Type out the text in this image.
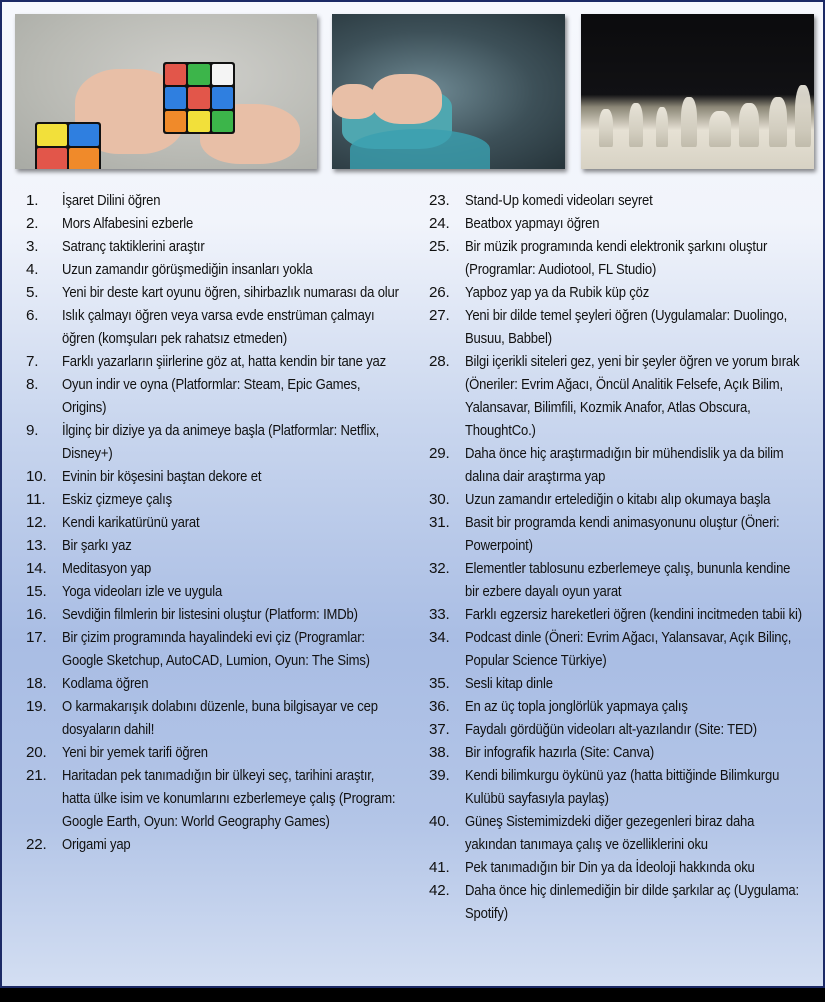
1.	İşaret Dilini öğren
2.	Mors Alfabesini ezberle
3.	Satranç taktiklerini araştır
4.	Uzun zamandır görüşmediğin insanları yokla
5.	Yeni bir deste kart oyunu öğren, sihirbazlık numarası da olur
6.	Islık çalmayı öğren veya varsa evde enstrüman çalmayı öğren (komşuları pek rahatsız etmeden)
7.	Farklı yazarların şiirlerine göz at, hatta kendin bir tane yaz
8.	Oyun indir ve oyna (Platformlar: Steam, Epic Games, Origins)
9.	İlginç bir diziye ya da animeye başla (Platformlar: Netflix, Disney+)
10.	Evinin bir köşesini baştan dekore et
11.	Eskiz çizmeye çalış
12.	Kendi karikatürünü yarat
13.	Bir şarkı yaz
14.	Meditasyon yap
15.	Yoga videoları izle ve uygula
16.	Sevdiğin filmlerin bir listesini oluştur (Platform: IMDb)
17.	Bir çizim programında hayalindeki evi çiz (Programlar: Google Sketchup, AutoCAD, Lumion, Oyun: The Sims)
18.	Kodlama öğren
19.	O karmakarışık dolabını düzenle, buna bilgisayar ve cep dosyaların dahil!
20.	Yeni bir yemek tarifi öğren
21.	Haritadan pek tanımadığın bir ülkeyi seç, tarihini araştır, hatta ülke isim ve konumlarını ezberlemeye çalış (Program: Google Earth, Oyun: World Geography Games)
22.	Origami yap
23.	Stand-Up komedi videoları seyret
24.	Beatbox yapmayı öğren
25.	Bir müzik programında kendi elektronik şarkını oluştur (Programlar: Audiotool, FL Studio)
26.	Yapboz yap ya da Rubik küp çöz
27.	Yeni bir dilde temel şeyleri öğren (Uygulamalar: Duolingo, Busuu, Babbel)
28.	Bilgi içerikli siteleri gez, yeni bir şeyler öğren ve yorum bırak (Öneriler: Evrim Ağacı, Öncül Analitik Felsefe, Açık Bilim, Yalansavar, Bilimfili, Kozmik Anafor, Atlas Obscura, ThoughtCo.)
29.	Daha önce hiç araştırmadığın bir mühendislik ya da bilim dalına dair araştırma yap
30.	Uzun zamandır ertelediğin o kitabı alıp okumaya başla
31.	Basit bir programda kendi animasyonunu oluştur (Öneri: Powerpoint)
32.	Elementler tablosunu ezberlemeye çalış, bununla kendine bir ezbere dayalı oyun yarat
33.	Farklı egzersiz hareketleri öğren (kendini incitmeden tabii ki)
34.	Podcast dinle (Öneri: Evrim Ağacı, Yalansavar, Açık Bilinç, Popular Science Türkiye)
35.	Sesli kitap dinle
36.	En az üç topla jonglörlük yapmaya çalış
37.	Faydalı gördüğün videoları alt-yazılandır (Site: TED)
38.	Bir infografik hazırla (Site: Canva)
39.	Kendi bilimkurgu öykünü yaz (hatta bittiğinde Bilimkurgu Kulübü sayfasıyla paylaş)
40.	Güneş Sistemimizdeki diğer gezegenleri biraz daha yakından tanımaya çalış ve özelliklerini oku
41.	Pek tanımadığın bir Din ya da İdeoloji hakkında oku
42.	Daha önce hiç dinlemediğin bir dilde şarkılar aç (Uygulama: Spotify)
